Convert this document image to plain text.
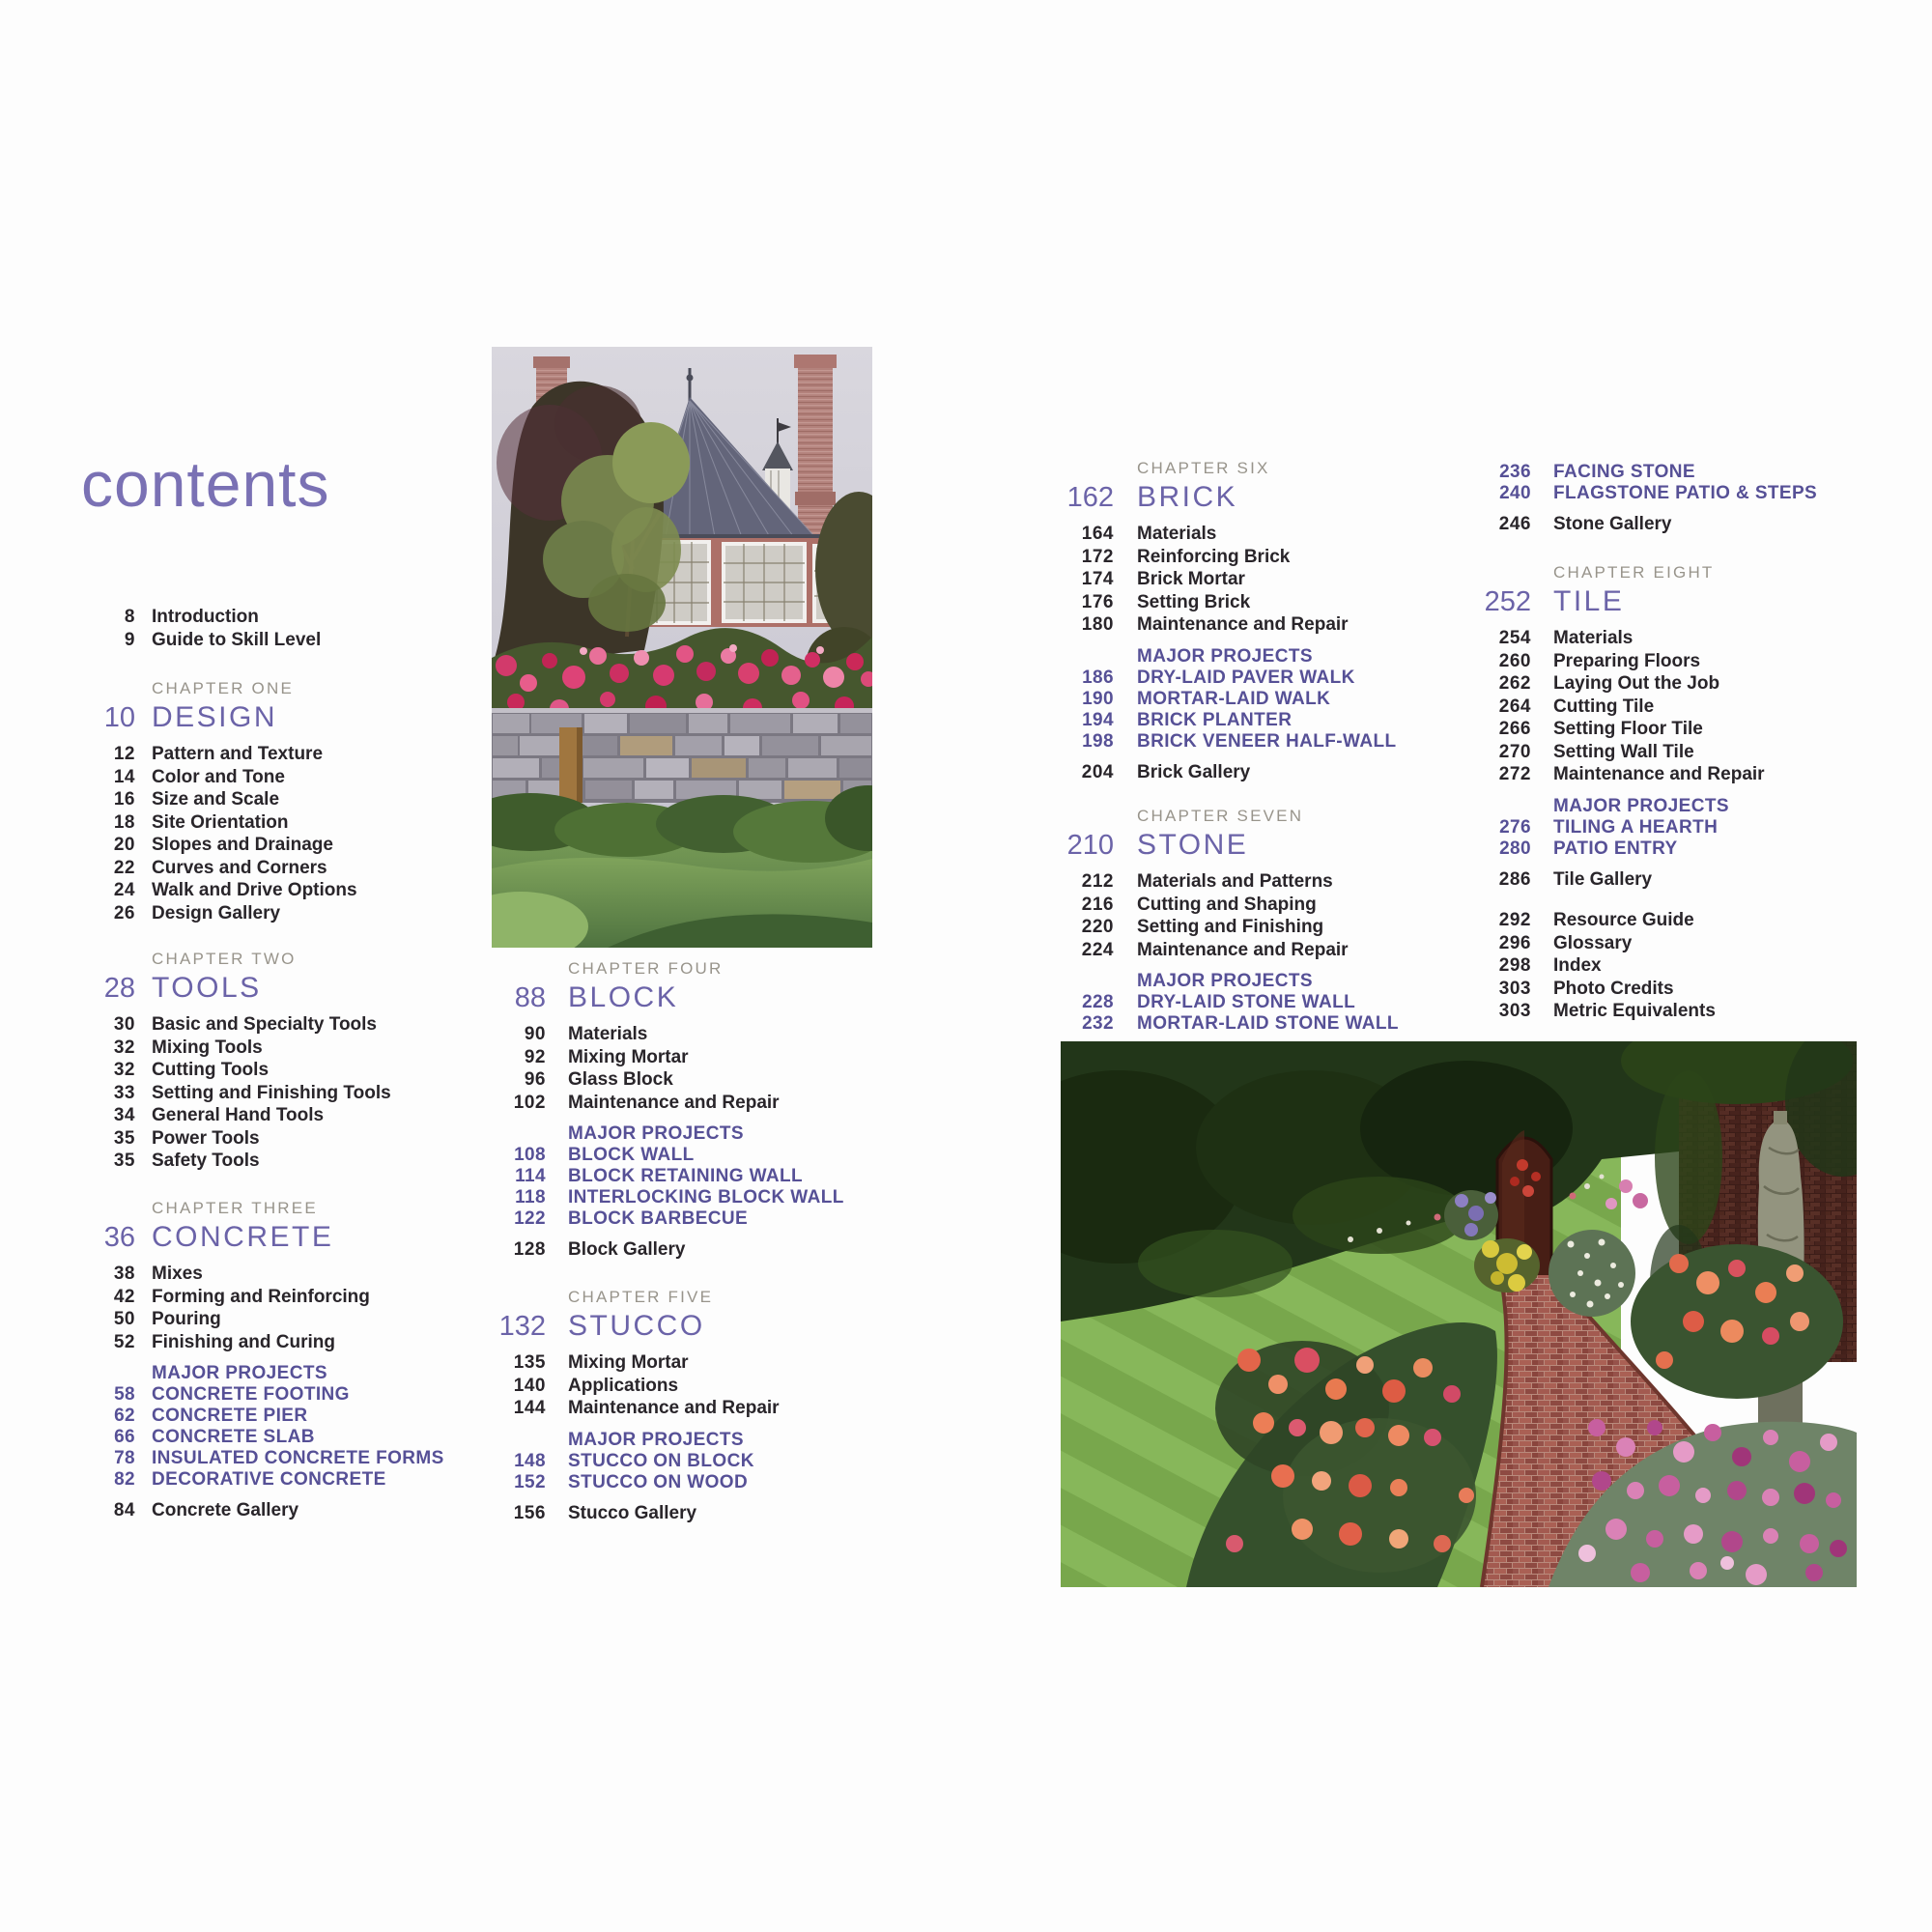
contents
8 Introduction
9 Guide to Skill Level
CHAPTER ONE
10 DESIGN
12 Pattern and Texture
14 Color and Tone
16 Size and Scale
18 Site Orientation
20 Slopes and Drainage
22 Curves and Corners
24 Walk and Drive Options
26 Design Gallery
CHAPTER TWO
28 TOOLS
30 Basic and Specialty Tools
32 Mixing Tools
32 Cutting Tools
33 Setting and Finishing Tools
34 General Hand Tools
35 Power Tools
35 Safety Tools
CHAPTER THREE
36 CONCRETE
38 Mixes
42 Forming and Reinforcing
50 Pouring
52 Finishing and Curing
MAJOR PROJECTS
58 CONCRETE FOOTING
62 CONCRETE PIER
66 CONCRETE SLAB
78 INSULATED CONCRETE FORMS
82 DECORATIVE CONCRETE
84 Concrete Gallery
CHAPTER FOUR
88 BLOCK
90 Materials
92 Mixing Mortar
96 Glass Block
102 Maintenance and Repair
MAJOR PROJECTS
108 BLOCK WALL
114 BLOCK RETAINING WALL
118 INTERLOCKING BLOCK WALL
122 BLOCK BARBECUE
128 Block Gallery
CHAPTER FIVE
132 STUCCO
135 Mixing Mortar
140 Applications
144 Maintenance and Repair
MAJOR PROJECTS
148 STUCCO ON BLOCK
152 STUCCO ON WOOD
156 Stucco Gallery
CHAPTER SIX
162 BRICK
164 Materials
172 Reinforcing Brick
174 Brick Mortar
176 Setting Brick
180 Maintenance and Repair
MAJOR PROJECTS
186 DRY-LAID PAVER WALK
190 MORTAR-LAID WALK
194 BRICK PLANTER
198 BRICK VENEER HALF-WALL
204 Brick Gallery
CHAPTER SEVEN
210 STONE
212 Materials and Patterns
216 Cutting and Shaping
220 Setting and Finishing
224 Maintenance and Repair
MAJOR PROJECTS
228 DRY-LAID STONE WALL
232 MORTAR-LAID STONE WALL
236 FACING STONE
240 FLAGSTONE PATIO & STEPS
246 Stone Gallery
CHAPTER EIGHT
252 TILE
254 Materials
260 Preparing Floors
262 Laying Out the Job
264 Cutting Tile
266 Setting Floor Tile
270 Setting Wall Tile
272 Maintenance and Repair
MAJOR PROJECTS
276 TILING A HEARTH
280 PATIO ENTRY
286 Tile Gallery
292 Resource Guide
296 Glossary
298 Index
303 Photo Credits
303 Metric Equivalents
